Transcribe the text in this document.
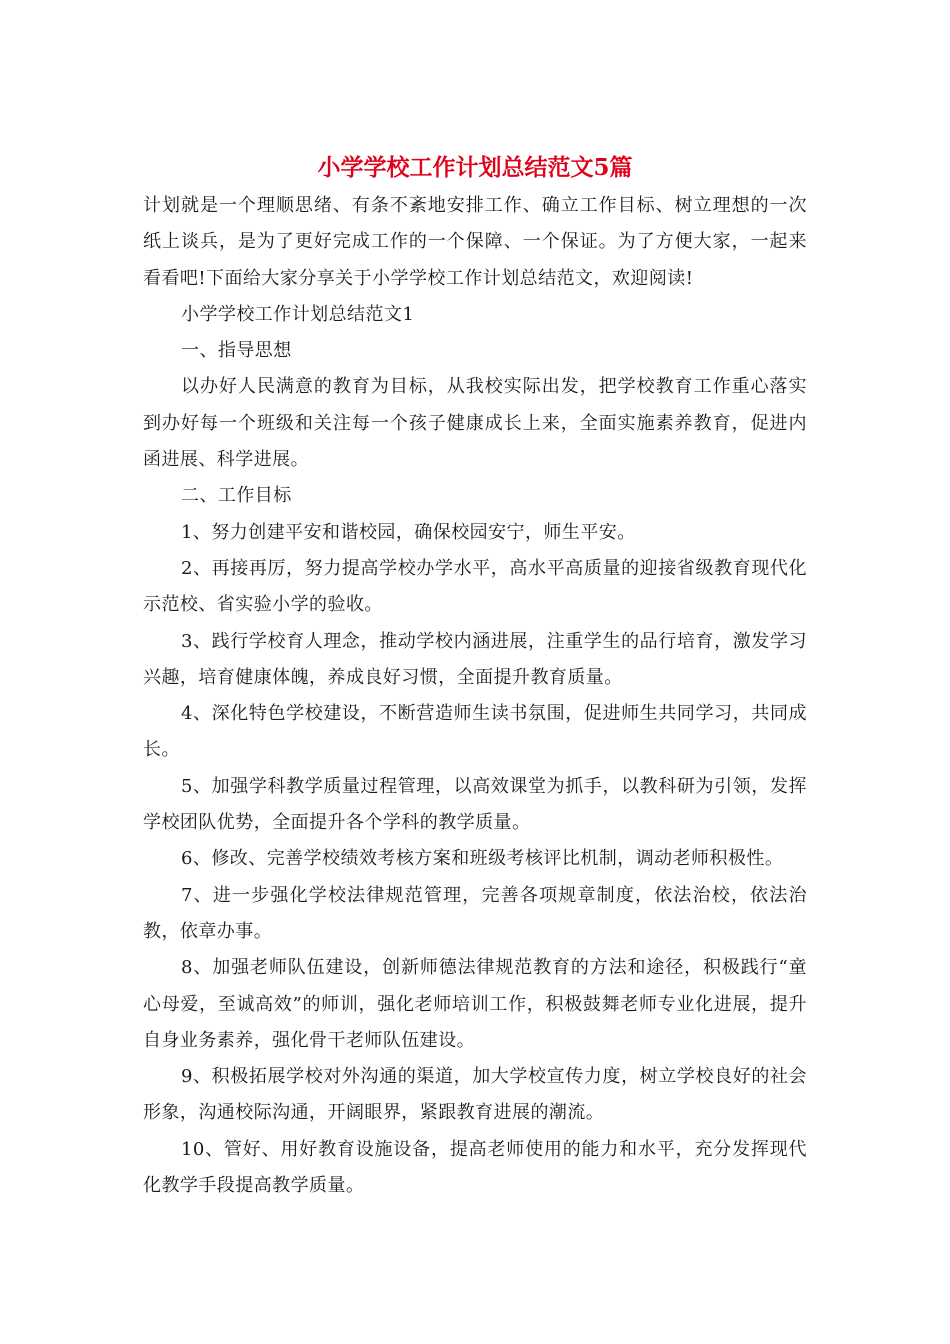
小学学校工作计划总结范文5篇

计划就是一个理顺思绪、有条不紊地安排工作、确立工作目标、树立理想的一次纸上谈兵，是为了更好完成工作的一个保障、一个保证。为了方便大家，一起来看看吧!下面给大家分享关于小学学校工作计划总结范文，欢迎阅读!

小学学校工作计划总结范文1

一、指导思想

以办好人民满意的教育为目标，从我校实际出发，把学校教育工作重心落实到办好每一个班级和关注每一个孩子健康成长上来，全面实施素养教育，促进内函进展、科学进展。

二、工作目标

1、努力创建平安和谐校园，确保校园安宁，师生平安。

2、再接再厉，努力提高学校办学水平，高水平高质量的迎接省级教育现代化示范校、省实验小学的验收。

3、践行学校育人理念，推动学校内涵进展，注重学生的品行培育，激发学习兴趣，培育健康体魄，养成良好习惯，全面提升教育质量。

4、深化特色学校建设，不断营造师生读书氛围，促进师生共同学习，共同成长。

5、加强学科教学质量过程管理，以高效课堂为抓手，以教科研为引领，发挥学校团队优势，全面提升各个学科的教学质量。

6、修改、完善学校绩效考核方案和班级考核评比机制，调动老师积极性。

7、进一步强化学校法律规范管理，完善各项规章制度，依法治校，依法治教，依章办事。

8、加强老师队伍建设，创新师德法律规范教育的方法和途径，积极践行“童心母爱，至诚高效”的师训，强化老师培训工作，积极鼓舞老师专业化进展，提升自身业务素养，强化骨干老师队伍建设。

9、积极拓展学校对外沟通的渠道，加大学校宣传力度，树立学校良好的社会形象，沟通校际沟通，开阔眼界，紧跟教育进展的潮流。

10、管好、用好教育设施设备，提高老师使用的能力和水平，充分发挥现代化教学手段提高教学质量。
